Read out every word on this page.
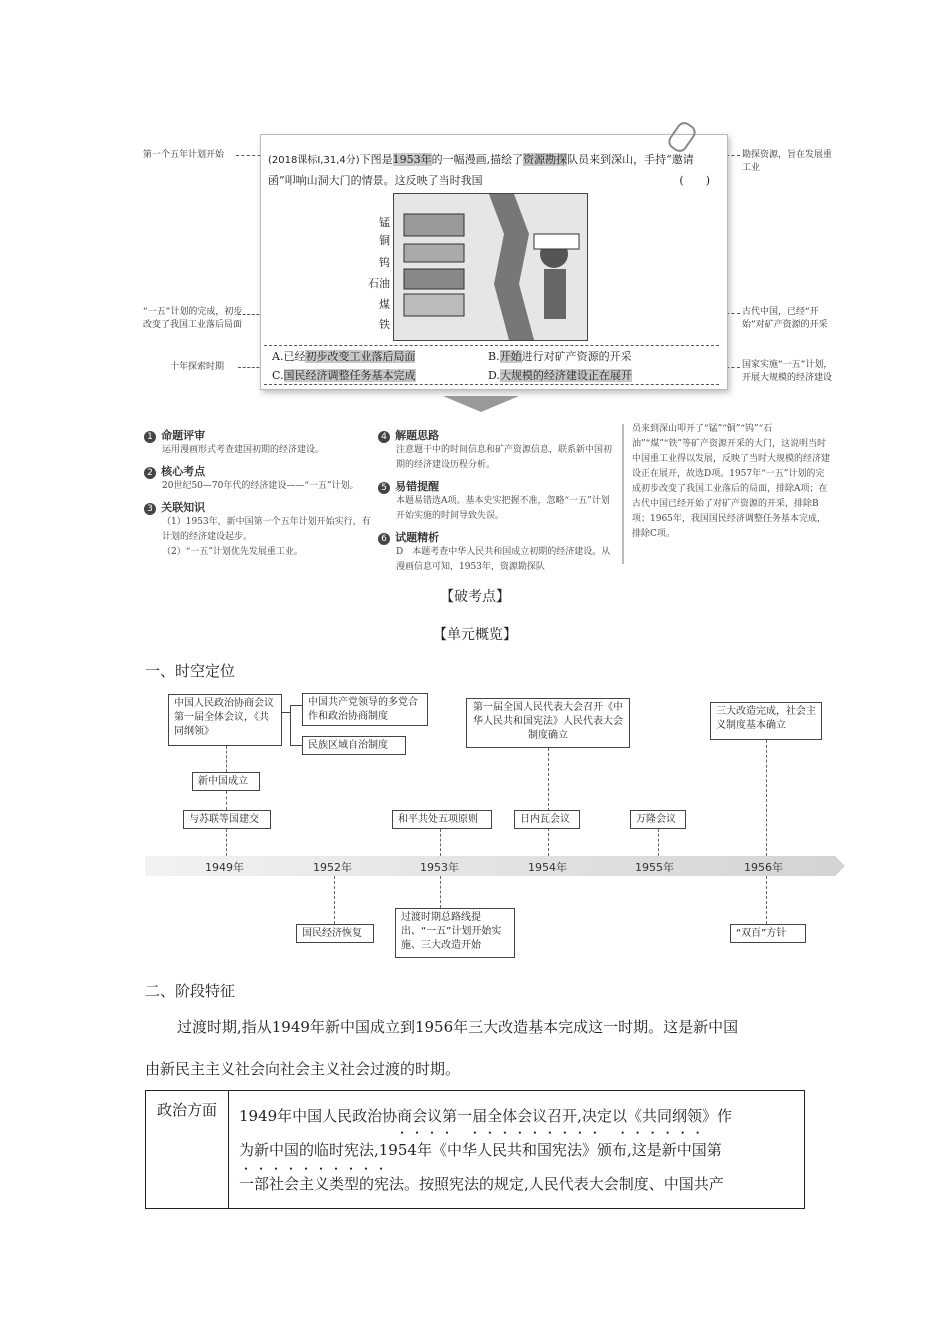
第一个五年计划开始
“一五”计划的完成，初步改变了我国工业落后局面
十年探索时期
勘探资源，旨在发展重工业
古代中国，已经“开始”对矿产资源的开采
国家实施“一五”计划，开展大规模的经济建设
(2018课标Ⅰ,31,4分)下图是1953年的一幅漫画,描绘了资源勘探队员来到深山，手持“邀请函”叩响山洞大门的情景。这反映了当时我国	(　　)
锰
铜
钨
石油
煤
铁
A.已经初步改变工业落后局面	B.开始进行对矿产资源的开采
C.国民经济调整任务基本完成	D.大规模的经济建设正在展开
1 命题评审
运用漫画形式考查建国初期的经济建设。
2 核心考点
20世纪50—70年代的经济建设——“一五”计划。
3 关联知识
（1）1953年，新中国第一个五年计划开始实行，有计划的经济建设起步。
（2）“一五”计划优先发展重工业。
4 解题思路
注意题干中的时间信息和矿产资源信息，联系新中国初期的经济建设历程分析。
5 易错提醒
本题易错选A项。基本史实把握不准，忽略“一五”计划开始实施的时间导致失误。
6 试题精析
D　本题考查中华人民共和国成立初期的经济建设。从漫画信息可知，1953年，资源勘探队
员来到深山叩开了“锰”“铜”“钨”“石油”“煤”“铁”等矿产资源开采的大门，这说明当时中国重工业得以发展，反映了当时大规模的经济建设正在展开，故选D项。1957年“一五”计划的完成初步改变了我国工业落后的局面，排除A项；在古代中国已经开始了对矿产资源的开采，排除B项；1965年，我国国民经济调整任务基本完成，排除C项。
【破考点】
【单元概览】
一、时空定位
1949年	1952年	1953年	1954年	1955年	1956年
中国人民政治协商会议第一届全体会议，《共同纲领》
中国共产党领导的多党合作和政治协商制度
民族区域自治制度
新中国成立
与苏联等国建交
第一届全国人民代表大会召开《中华人民共和国宪法》人民代表大会制度确立
和平共处五项原则	日内瓦会议	万隆会议
三大改造完成，社会主义制度基本确立
国民经济恢复
过渡时期总路线提出、“一五”计划开始实施、三大改造开始
“双百”方针
二、阶段特征
过渡时期,指从1949年新中国成立到1956年三大改造基本完成这一时期。这是新中国
由新民主主义社会向社会主义社会过渡的时期。
政治方面	1949年中国人民政治协商会议第一届全体会议召开,决定以《共同纲领》作
为新中国的临时宪法,1954年《中华人民共和国宪法》颁布,这是新中国第
一部社会主义类型的宪法。按照宪法的规定,人民代表大会制度、中国共产
････ ･････････ ･･････
･･････････
